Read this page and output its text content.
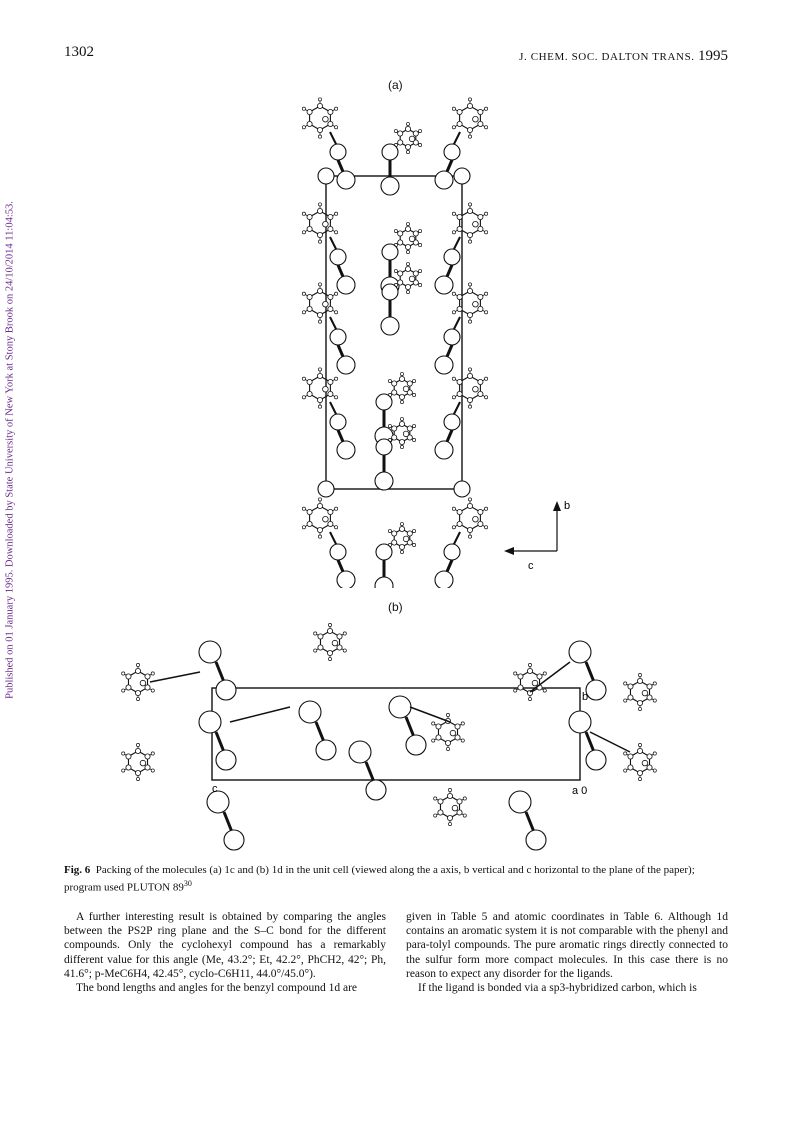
Published on 01 January 1995. Downloaded by State University of New York at Stony Brook on 24/10/2014 11:04:53.
1302	J. CHEM. SOC. DALTON TRANS. 1995
(a)
b
c
(b)
b
c	a 0
Fig. 6 Packing of the molecules (a) 1c and (b) 1d in the unit cell (viewed along the a axis, b vertical and c horizontal to the plane of the paper); program used PLUTON $89^{30}$

A further interesting result is obtained by comparing the angles between the PS2P ring plane and the S–C bond for the different compounds. Only the cyclohexyl compound has a remarkably different value for this angle (Me, 43.2°; Et, 42.2°, PhCH2, 42°; Ph, 41.6°; p-MeC6H4, 42.45°, cyclo-C6H11, 44.0°/45.0°).

The bond lengths and angles for the benzyl compound 1d are

given in Table 5 and atomic coordinates in Table 6. Although 1d contains an aromatic system it is not comparable with the phenyl and para-tolyl compounds. The pure aromatic rings directly connected to the sulfur form more compact molecules. In this case there is no reason to expect any disorder for the ligands.

If the ligand is bonded via a sp3-hybridized carbon, which is
